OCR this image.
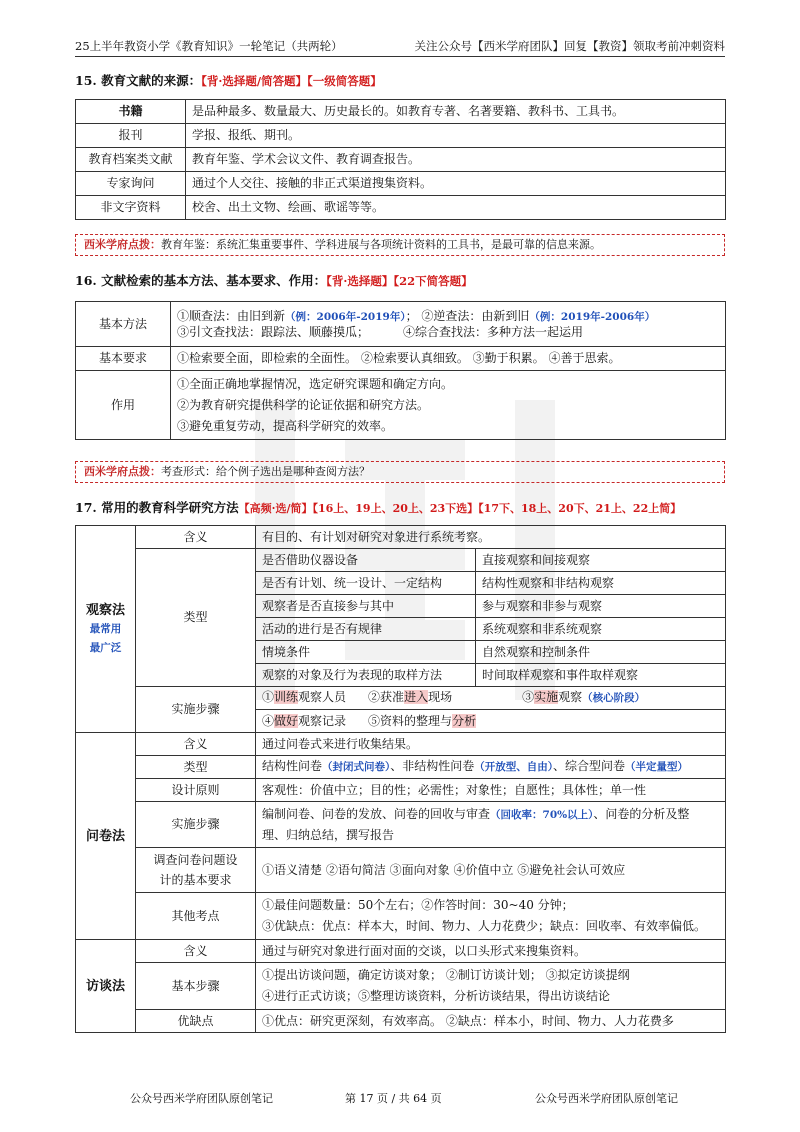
25上半年教资小学《教育知识》一轮笔记（共两轮）	关注公众号【西米学府团队】回复【教资】领取考前冲刺资料
15. 教育文献的来源：【背·选择题/简答题】【一级简答题】
书籍	是品种最多、数量最大、历史最长的。如教育专著、名著要籍、教科书、工具书。
报刊	学报、报纸、期刊。
教育档案类文献	教育年鉴、学术会议文件、教育调查报告。
专家询问	通过个人交往、接触的非正式渠道搜集资料。
非文字资料	校舍、出土文物、绘画、歌谣等等。
西米学府点拨：教育年鉴：系统汇集重要事件、学科进展与各项统计资料的工具书，是最可靠的信息来源。
16. 文献检索的基本方法、基本要求、作用：【背·选择题】【22下简答题】
基本方法	①顺查法：由旧到新（例：2006年-2019年）； ②逆查法：由新到旧（例：2019年-2006年）
③引文查找法：跟踪法、顺藤摸瓜； ④综合查找法：多种方法一起运用

基本要求	①检索要全面，即检索的全面性。 ②检索要认真细致。 ③勤于积累。 ④善于思索。
作用	①全面正确地掌握情况，选定研究课题和确定方向。
②为教育研究提供科学的论证依据和研究方法。
③避免重复劳动，提高科学研究的效率。
西米学府点拨：考查形式：给个例子选出是哪种查阅方法？
17. 常用的教育科学研究方法【高频·选/简】【16上、19上、20上、23下选】【17下、18上、20下、21上、22上简】
观察法
最常用
最广泛	含义	有目的、有计划对研究对象进行系统考察。	
	类型	是否借助仪器设备	直接观察和间接观察
		是否有计划、统一设计、一定结构	结构性观察和非结构观察
		观察者是否直接参与其中	参与观察和非参与观察
		活动的进行是否有规律	系统观察和非系统观察
		情境条件	自然观察和控制条件
		观察的对象及行为表现的取样方法	时间取样观察和事件取样观察
	实施步骤	①训练观察人员 ②获准进入现场 ③实施观察（核心阶段）	
		④做好观察记录 ⑤资料的整理与分析	
问卷法	含义	通过问卷式来进行收集结果。	
	类型	结构性问卷（封闭式问卷）、非结构性问卷（开放型、自由）、综合型问卷（半定量型）	
	设计原则	客观性：价值中立；目的性；必需性；对象性；自愿性；具体性；单一性	
	实施步骤	编制问卷、问卷的发放、问卷的回收与审查（回收率：70%以上）、问卷的分析及整
理、归纳总结，撰写报告	

	调查问卷问题设
计的基本要求	①语义清楚 ②语句简洁 ③面向对象 ④价值中立 ⑤避免社会认可效应	
	其他考点	①最佳问题数量：50个左右；②作答时间：30~40 分钟；
③优缺点：优点：样本大，时间、物力、人力花费少；缺点：回收率、有效率偏低。	

访谈法	含义	通过与研究对象进行面对面的交谈，以口头形式来搜集资料。	
	基本步骤	①提出访谈问题，确定访谈对象； ②制订访谈计划； ③拟定访谈提纲
④进行正式访谈；⑤整理访谈资料，分析访谈结果，得出访谈结论	

	优缺点	①优点：研究更深刻，有效率高。 ②缺点：样本小，时间、物力、人力花费多	
公众号西米学府团队原创笔记	第 17 页 / 共 64 页	公众号西米学府团队原创笔记
